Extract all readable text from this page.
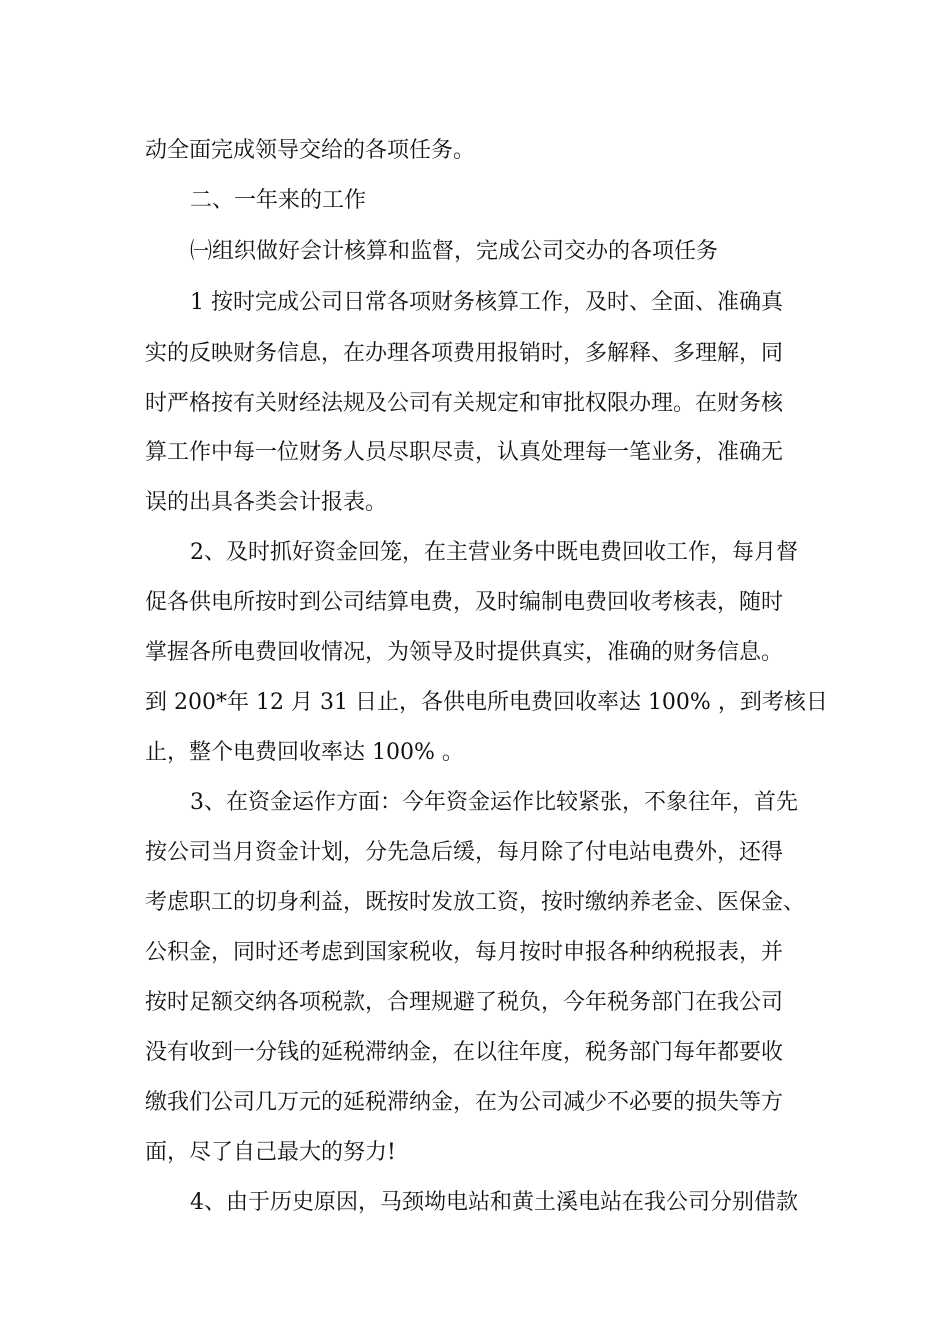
动全面完成领导交给的各项任务。
二、一年来的工作
㈠组织做好会计核算和监督，完成公司交办的各项任务
1 按时完成公司日常各项财务核算工作，及时、全面、准确真
实的反映财务信息，在办理各项费用报销时，多解释、多理解，同
时严格按有关财经法规及公司有关规定和审批权限办理。在财务核
算工作中每一位财务人员尽职尽责，认真处理每一笔业务，准确无
误的出具各类会计报表。
2、及时抓好资金回笼，在主营业务中既电费回收工作，每月督
促各供电所按时到公司结算电费，及时编制电费回收考核表，随时
掌握各所电费回收情况，为领导及时提供真实，准确的财务信息。
到 200*年 12 月 31 日止，各供电所电费回收率达 100% ，到考核日
止，整个电费回收率达 100% 。
3、在资金运作方面：今年资金运作比较紧张，不象往年，首先
按公司当月资金计划，分先急后缓，每月除了付电站电费外，还得
考虑职工的切身利益，既按时发放工资，按时缴纳养老金、医保金、
公积金，同时还考虑到国家税收，每月按时申报各种纳税报表，并
按时足额交纳各项税款，合理规避了税负，今年税务部门在我公司
没有收到一分钱的延税滞纳金，在以往年度，税务部门每年都要收
缴我们公司几万元的延税滞纳金，在为公司减少不必要的损失等方
面，尽了自己最大的努力!
4、由于历史原因，马颈坳电站和黄土溪电站在我公司分别借款
